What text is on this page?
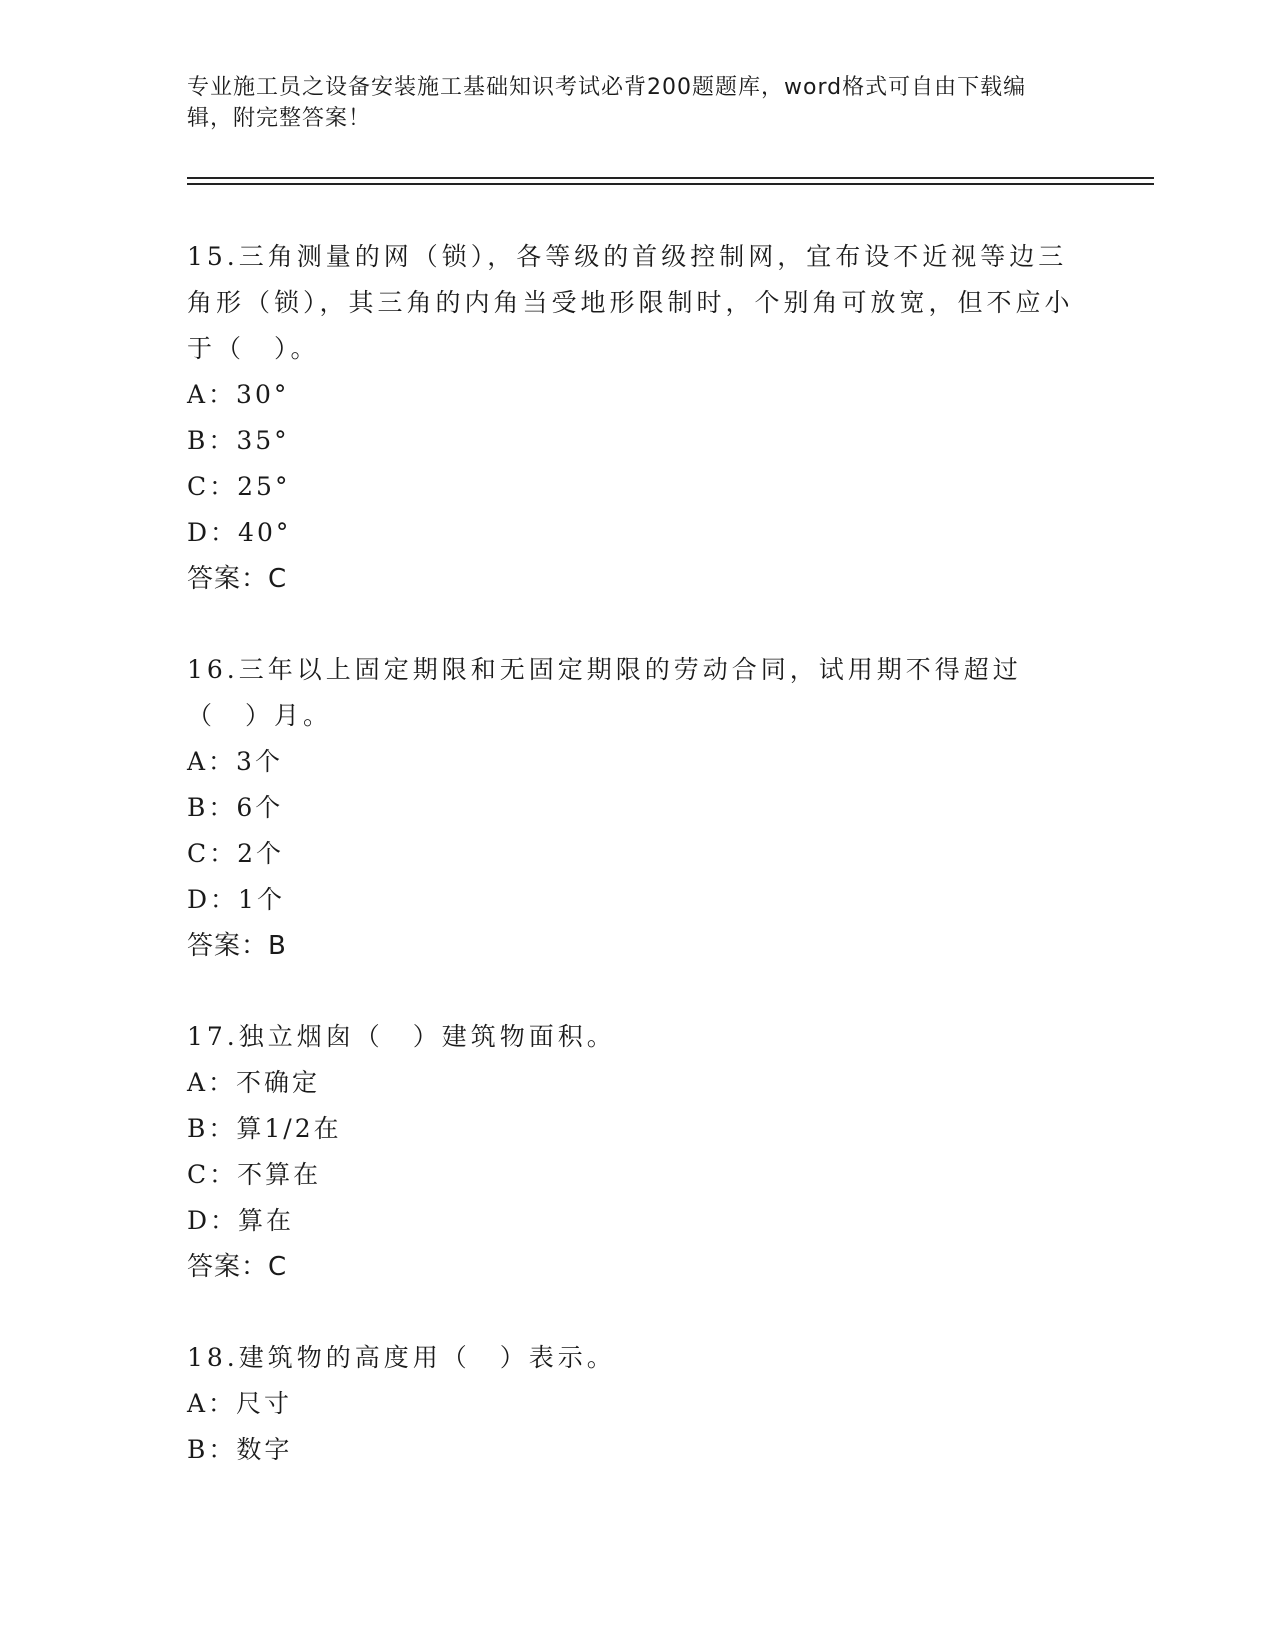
专业施工员之设备安装施工基础知识考试必背200题题库，word格式可自由下载编辑，附完整答案！
15.三角测量的网（锁），各等级的首级控制网，宜布设不近视等边三角形（锁），其三角的内角当受地形限制时，个别角可放宽，但不应小于（　）。
A：30°
B：35°
C：25°
D：40°
答案：C
16.三年以上固定期限和无固定期限的劳动合同，试用期不得超过（　）月。
A：3个
B：6个
C：2个
D：1个
答案：B
17.独立烟囱（　）建筑物面积。
A：不确定
B：算1/2在
C：不算在
D：算在
答案：C
18.建筑物的高度用（　）表示。
A：尺寸
B：数字
